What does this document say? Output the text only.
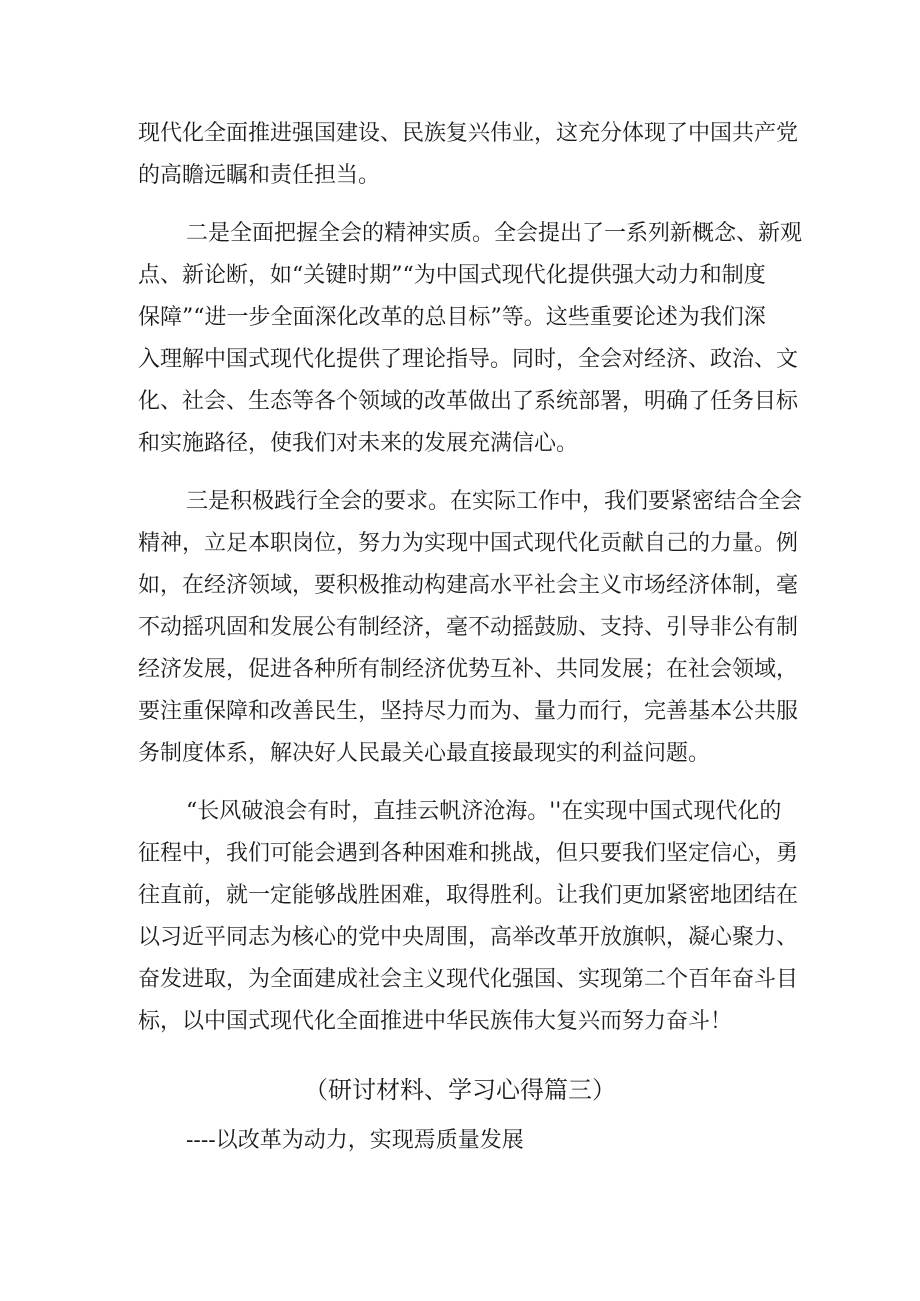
现代化全面推进强国建设、民族复兴伟业，这充分体现了中国共产党
的高瞻远瞩和责任担当。
二是全面把握全会的精神实质。全会提出了一系列新概念、新观
点、新论断，如“关键时期”“为中国式现代化提供强大动力和制度
保障”“进一步全面深化改革的总目标”等。这些重要论述为我们深
入理解中国式现代化提供了理论指导。同时，全会对经济、政治、文
化、社会、生态等各个领域的改革做出了系统部署，明确了任务目标
和实施路径，使我们对未来的发展充满信心。
三是积极践行全会的要求。在实际工作中，我们要紧密结合全会
精神，立足本职岗位，努力为实现中国式现代化贡献自己的力量。例
如，在经济领域，要积极推动构建高水平社会主义市场经济体制，毫
不动摇巩固和发展公有制经济，毫不动摇鼓励、支持、引导非公有制
经济发展，促进各种所有制经济优势互补、共同发展；在社会领域，
要注重保障和改善民生，坚持尽力而为、量力而行，完善基本公共服
务制度体系，解决好人民最关心最直接最现实的利益问题。
“长风破浪会有时，直挂云帆济沧海。''在实现中国式现代化的
征程中，我们可能会遇到各种困难和挑战，但只要我们坚定信心，勇
往直前，就一定能够战胜困难，取得胜利。让我们更加紧密地团结在
以习近平同志为核心的党中央周围，高举改革开放旗帜，凝心聚力、
奋发进取，为全面建成社会主义现代化强国、实现第二个百年奋斗目
标，以中国式现代化全面推进中华民族伟大复兴而努力奋斗！
（研讨材料、学习心得篇三）
----以改革为动力，实现焉质量发展
